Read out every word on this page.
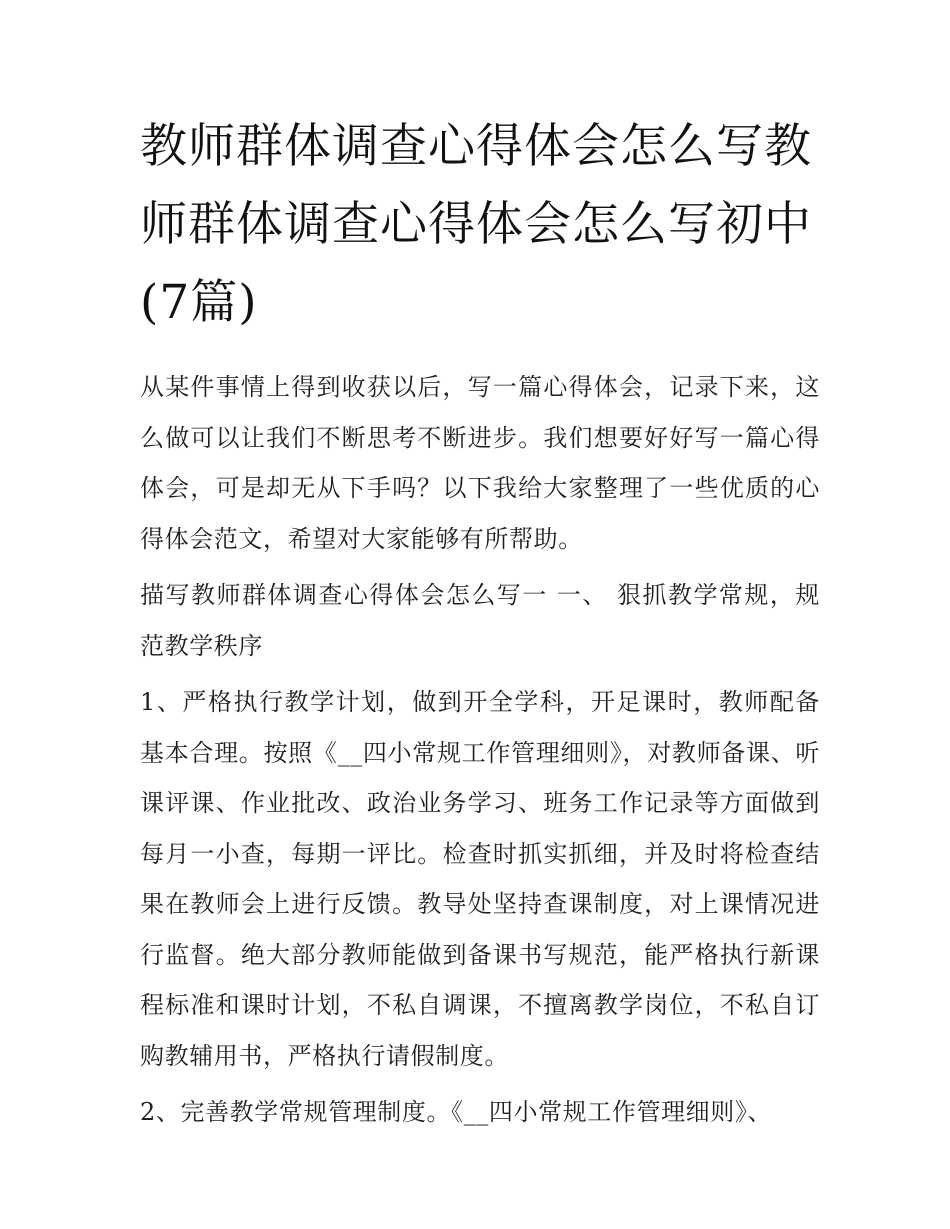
教师群体调查心得体会怎么写教师群体调查心得体会怎么写初中(7篇)

从某件事情上得到收获以后，写一篇心得体会，记录下来，这么做可以让我们不断思考不断进步。我们想要好好写一篇心得体会，可是却无从下手吗？以下我给大家整理了一些优质的心得体会范文，希望对大家能够有所帮助。

描写教师群体调查心得体会怎么写一 一、 狠抓教学常规，规范教学秩序

1、严格执行教学计划，做到开全学科，开足课时，教师配备基本合理。按照《__四小常规工作管理细则》，对教师备课、听课评课、作业批改、政治业务学习、班务工作记录等方面做到每月一小查，每期一评比。检查时抓实抓细，并及时将检查结果在教师会上进行反馈。教导处坚持查课制度，对上课情况进行监督。绝大部分教师能做到备课书写规范，能严格执行新课程标准和课时计划，不私自调课，不擅离教学岗位，不私自订购教辅用书，严格执行请假制度。

2、完善教学常规管理制度。《__四小常规工作管理细则》、
